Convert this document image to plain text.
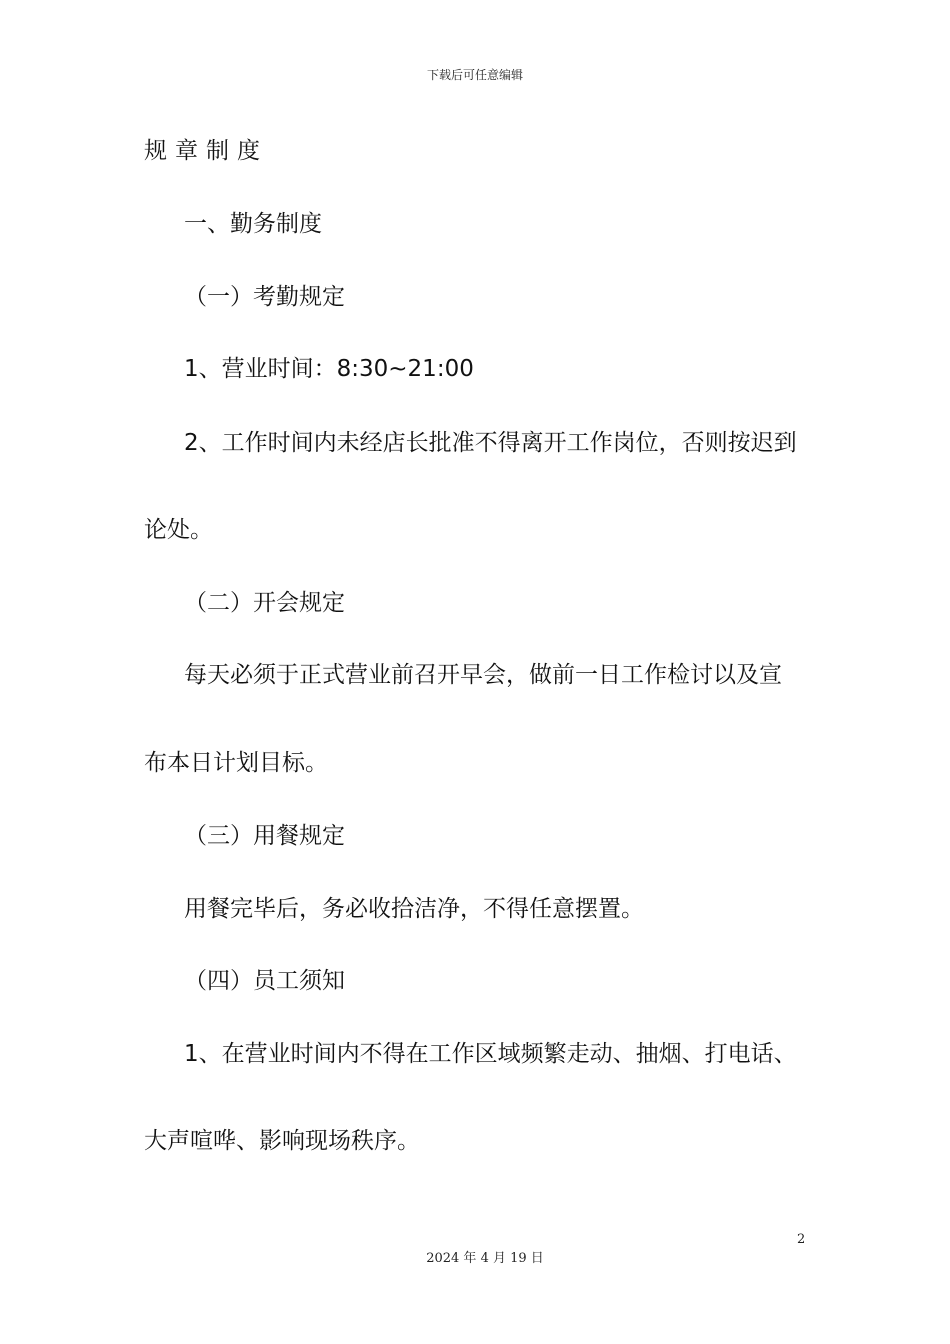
下载后可任意编辑
规章制度
一、勤务制度
（一）考勤规定
1、营业时间：8:30~21:00
2、工作时间内未经店长批准不得离开工作岗位，否则按迟到
论处。
（二）开会规定
每天必须于正式营业前召开早会，做前一日工作检讨以及宣
布本日计划目标。
（三）用餐规定
用餐完毕后，务必收拾洁净，不得任意摆置。
（四）员工须知
1、在营业时间内不得在工作区域频繁走动、抽烟、打电话、
大声喧哗、影响现场秩序。
2
2024 年 4 月 19 日
